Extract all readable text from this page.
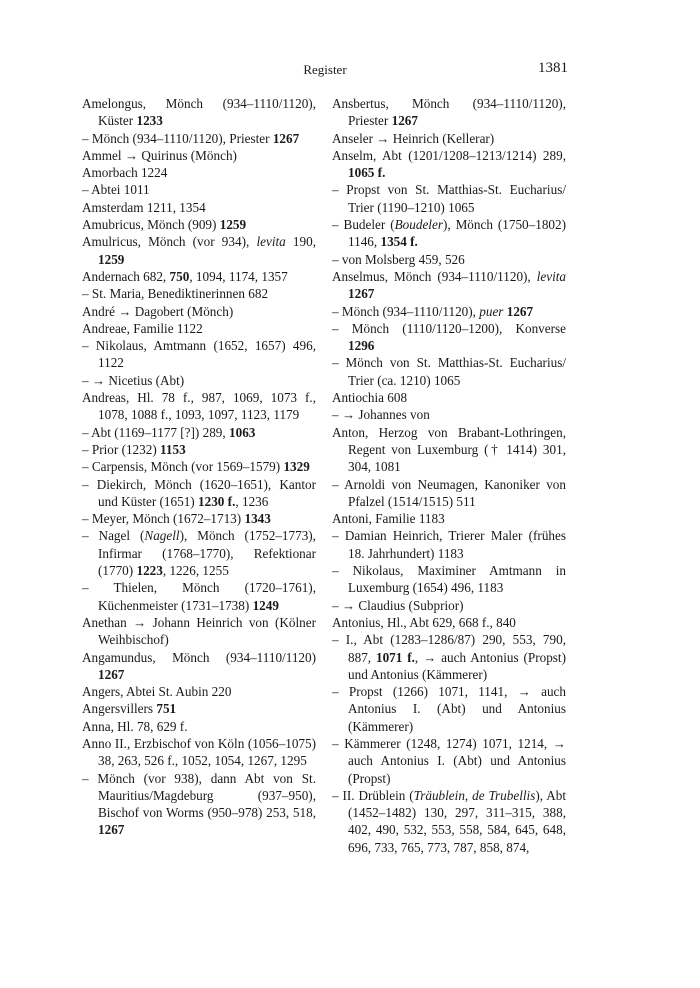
Register	1381
Amelongus, Mönch (934–1110/1120), Küster 1233
– Mönch (934–1110/1120), Priester 1267
Ammel → Quirinus (Mönch)
Amorbach 1224
– Abtei 1011
Amsterdam 1211, 1354
Amubricus, Mönch (909) 1259
Amulricus, Mönch (vor 934), levita 190, 1259
Andernach 682, 750, 1094, 1174, 1357
– St. Maria, Benediktinerinnen 682
André → Dagobert (Mönch)
Andreae, Familie 1122
– Nikolaus, Amtmann (1652, 1657) 496, 1122
– → Nicetius (Abt)
Andreas, Hl. 78 f., 987, 1069, 1073 f., 1078, 1088 f., 1093, 1097, 1123, 1179
– Abt (1169–1177 [?]) 289, 1063
– Prior (1232) 1153
– Carpensis, Mönch (vor 1569–1579) 1329
– Diekirch, Mönch (1620–1651), Kantor und Küster (1651) 1230 f., 1236
– Meyer, Mönch (1672–1713) 1343
– Nagel (Nagell), Mönch (1752–1773), Infirmar (1768–1770), Refektionar (1770) 1223, 1226, 1255
– Thielen, Mönch (1720–1761), Küchenmeister (1731–1738) 1249
Anethan → Johann Heinrich von (Kölner Weihbischof)
Angamundus, Mönch (934–1110/1120) 1267
Angers, Abtei St. Aubin 220
Angersvillers 751
Anna, Hl. 78, 629 f.
Anno II., Erzbischof von Köln (1056–1075) 38, 263, 526 f., 1052, 1054, 1267, 1295
– Mönch (vor 938), dann Abt von St. Mauritius/Magdeburg (937–950), Bischof von Worms (950–978) 253, 518, 1267
Ansbertus, Mönch (934–1110/1120), Priester 1267
Anseler → Heinrich (Kellerar)
Anselm, Abt (1201/1208–1213/1214) 289, 1065 f.
– Propst von St. Matthias-St. Eucharius/ Trier (1190–1210) 1065
– Budeler (Boudeler), Mönch (1750–1802) 1146, 1354 f.
– von Molsberg 459, 526
Anselmus, Mönch (934–1110/1120), levita 1267
– Mönch (934–1110/1120), puer 1267
– Mönch (1110/1120–1200), Konverse 1296
– Mönch von St. Matthias-St. Eucharius/ Trier (ca. 1210) 1065
Antiochia 608
– → Johannes von
Anton, Herzog von Brabant-Lothringen, Regent von Luxemburg († 1414) 301, 304, 1081
– Arnoldi von Neumagen, Kanoniker von Pfalzel (1514/1515) 511
Antoni, Familie 1183
– Damian Heinrich, Trierer Maler (frühes 18. Jahrhundert) 1183
– Nikolaus, Maximiner Amtmann in Luxemburg (1654) 496, 1183
– → Claudius (Subprior)
Antonius, Hl., Abt 629, 668 f., 840
– I., Abt (1283–1286/87) 290, 553, 790, 887, 1071 f., → auch Antonius (Propst) und Antonius (Kämmerer)
– Propst (1266) 1071, 1141, → auch Antonius I. (Abt) und Antonius (Kämmerer)
– Kämmerer (1248, 1274) 1071, 1214, → auch Antonius I. (Abt) und Antonius (Propst)
– II. Drüblein (Träublein, de Trubellis), Abt (1452–1482) 130, 297, 311–315, 388, 402, 490, 532, 553, 558, 584, 645, 648, 696, 733, 765, 773, 787, 858, 874,
